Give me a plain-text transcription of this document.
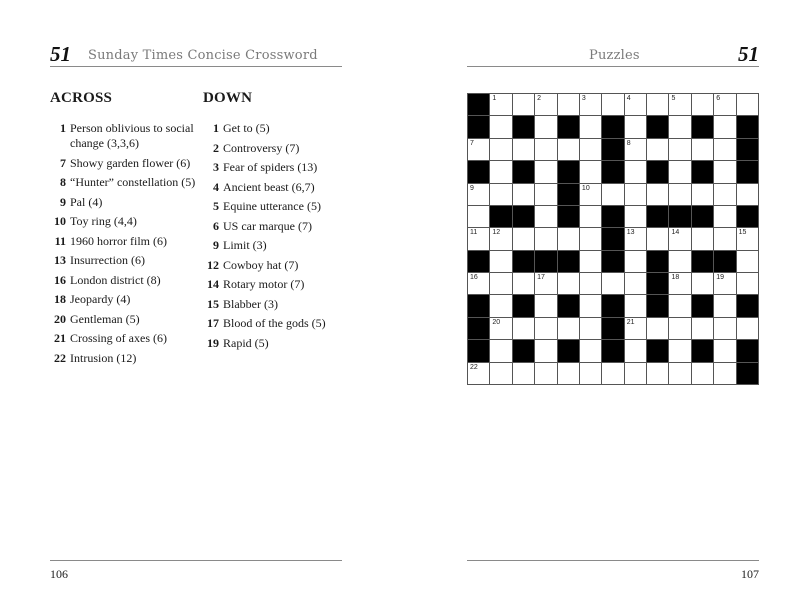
51 Sunday Times Concise Crossword	Puzzles	51
ACROSS
1 Person oblivious to social change (3,3,6)
7 Showy garden flower (6)
8 “Hunter” constellation (5)
9 Pal (4)
10 Toy ring (4,4)
11 1960 horror film (6)
13 Insurrection (6)
16 London district (8)
18 Jeopardy (4)
20 Gentleman (5)
21 Crossing of axes (6)
22 Intrusion (12)
DOWN
1 Get to (5)
2 Controversy (7)
3 Fear of spiders (13)
4 Ancient beast (6,7)
5 Equine utterance (5)
6 US car marque (7)
9 Limit (3)
12 Cowboy hat (7)
14 Rotary motor (7)
15 Blabber (3)
17 Blood of the gods (5)
19 Rapid (5)
1	2	3	4	5	6
7	8
9	10
11 12	13	14	15
16	17	18	19
20	21
22
106	107
